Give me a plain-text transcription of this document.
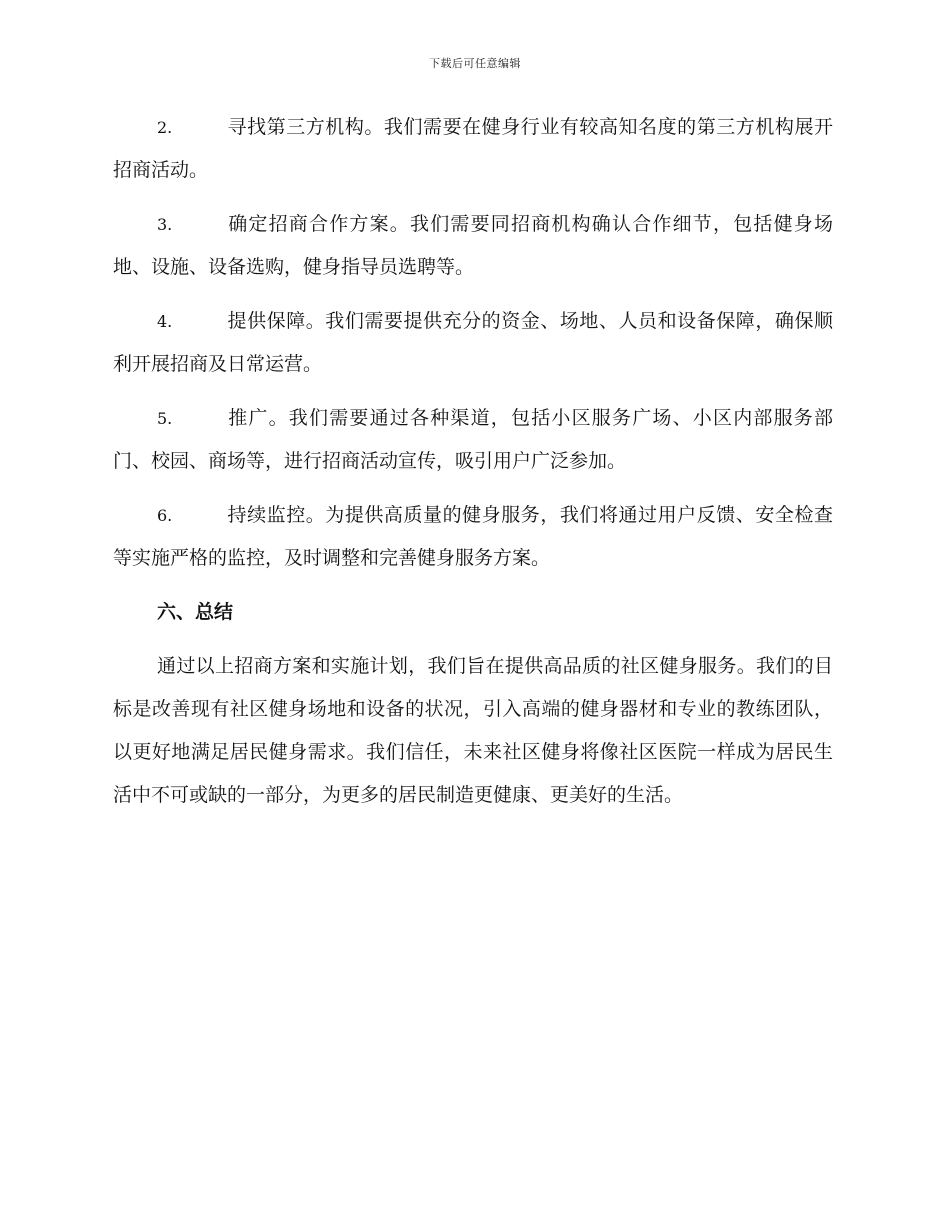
下载后可任意编辑

2.	寻找第三方机构。我们需要在健身行业有较高知名度的第三方机构展开招商活动。

3.	确定招商合作方案。我们需要同招商机构确认合作细节，包括健身场地、设施、设备选购，健身指导员选聘等。

4.	提供保障。我们需要提供充分的资金、场地、人员和设备保障，确保顺利开展招商及日常运营。

5.	推广。我们需要通过各种渠道，包括小区服务广场、小区内部服务部门、校园、商场等，进行招商活动宣传，吸引用户广泛参加。

6.	持续监控。为提供高质量的健身服务，我们将通过用户反馈、安全检查等实施严格的监控，及时调整和完善健身服务方案。

六、总结

通过以上招商方案和实施计划，我们旨在提供高品质的社区健身服务。我们的目标是改善现有社区健身场地和设备的状况，引入高端的健身器材和专业的教练团队，以更好地满足居民健身需求。我们信任，未来社区健身将像社区医院一样成为居民生活中不可或缺的一部分，为更多的居民制造更健康、更美好的生活。
